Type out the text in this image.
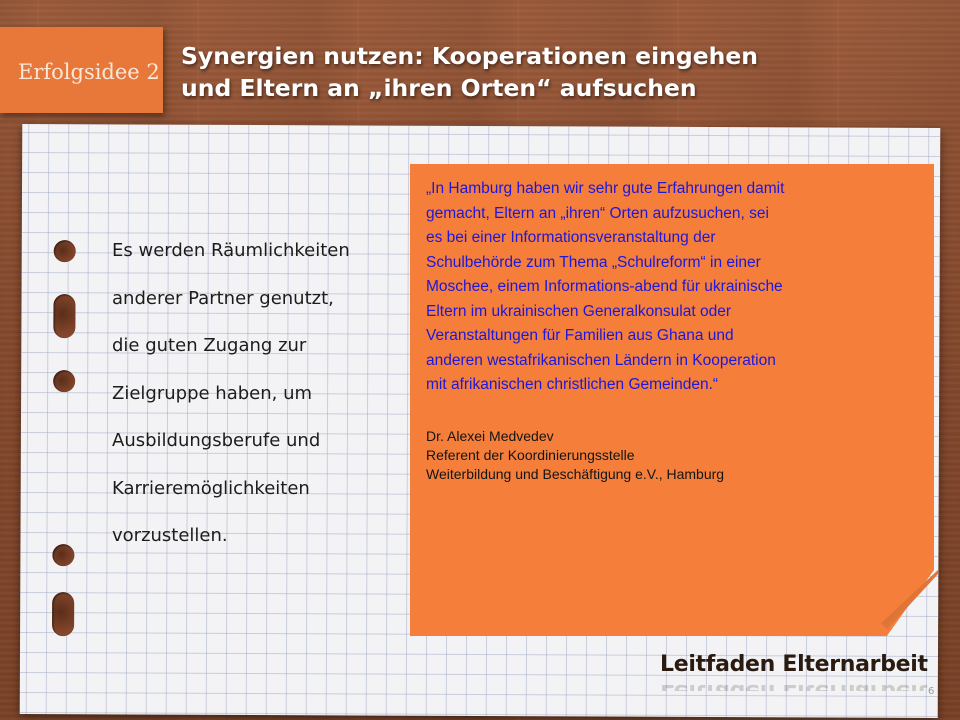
Erfolgsidee 2
Synergien nutzen: Kooperationen eingehen
und Eltern an „ihren Orten“ aufsuchen
Es werden Räumlichkeiten
anderer Partner genutzt,
die guten Zugang zur
Zielgruppe haben, um
Ausbildungsberufe und
Karrieremöglichkeiten
vorzustellen.
„In Hamburg haben wir sehr gute Erfahrungen damit
gemacht, Eltern an „ihren“ Orten aufzusuchen, sei
es bei einer Informationsveranstaltung der
Schulbehörde zum Thema „Schulreform“ in einer
Moschee, einem Informations-abend für ukrainische
Eltern im ukrainischen Generalkonsulat oder
Veranstaltungen für Familien aus Ghana und
anderen westafrikanischen Ländern in Kooperation
mit afrikanischen christlichen Gemeinden.“
Dr. Alexei Medvedev
Referent der Koordinierungsstelle
Weiterbildung und Beschäftigung e.V., Hamburg
Leitfaden Elternarbeit
6
